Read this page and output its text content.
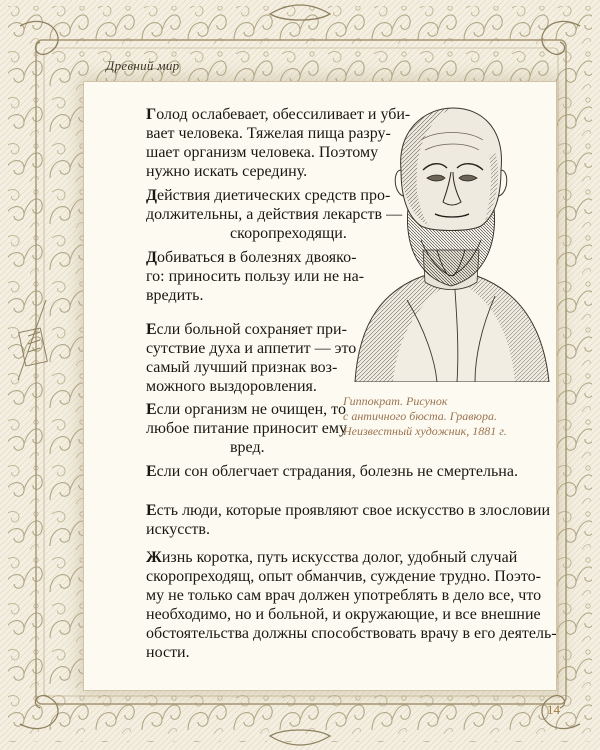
Древний мир

Голод ослабевает, обессиливает и уби-
вает человека. Тяжелая пища разру-
шает организм человека. Поэтому
нужно искать середину.

Действия диетических средств про-
должительны, а действия лекарств —
скоропреходящи.

Добиваться в болезнях двояко-
го: приносить пользу или не на-
вредить.

Если больной сохраняет при-
сутствие духа и аппетит — это
самый лучший признак воз-
можного выздоровления.

Если организм не очищен, то
любое питание приносит ему
вред.

Если сон облегчает страдания, болезнь не смертельна.

Есть люди, которые проявляют свое искусство в злословии
искусств.

Жизнь коротка, путь искусства долог, удобный случай
скоропреходящ, опыт обманчив, суждение трудно. Поэто-
му не только сам врач должен употреблять в дело все, что
необходимо, но и больной, и окружающие, и все внешние
обстоятельства должны способствовать врачу в его деятель-
ности.

Гиппократ. Рисунок
с античного бюста. Гравюра.
Неизвестный художник, 1881 г.
14
